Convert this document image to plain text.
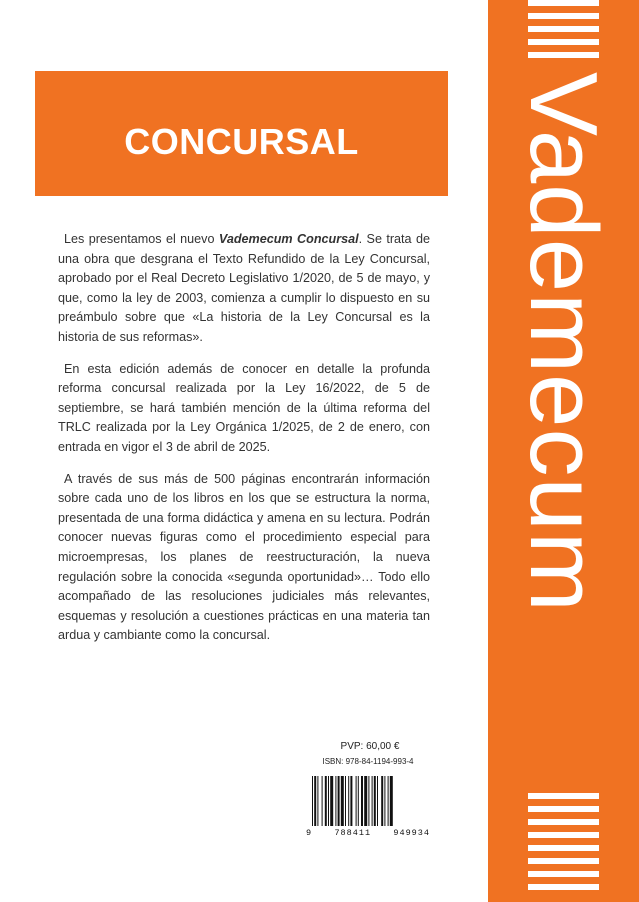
Vademecum
CONCURSAL

Les presentamos el nuevo Vademecum Concursal. Se trata de una obra que desgrana el Texto Refundido de la Ley Concursal, aprobado por el Real Decreto Legislativo 1/2020, de 5 de mayo, y que, como la ley de 2003, comienza a cumplir lo dispuesto en su preámbulo sobre que «La historia de la Ley Concursal es la historia de sus reformas».

En esta edición además de conocer en detalle la profunda reforma concursal realizada por la Ley 16/2022, de 5 de septiembre, se hará también mención de la última reforma del TRLC realizada por la Ley Orgánica 1/2025, de 2 de enero, con entrada en vigor el 3 de abril de 2025.

A través de sus más de 500 páginas encontrarán información sobre cada uno de los libros en los que se estructura la norma, presentada de una forma didáctica y amena en su lectura. Podrán conocer nuevas figuras como el procedimiento especial para microempresas, los planes de reestructuración, la nueva regulación sobre la conocida «segunda oportunidad»… Todo ello acompañado de las resoluciones judiciales más relevantes, esquemas y resolución a cuestiones prácticas en una materia tan ardua y cambiante como la concursal.

PVP: 60,00 €
ISBN: 978-84-1194-993-4
9	788411	949934
